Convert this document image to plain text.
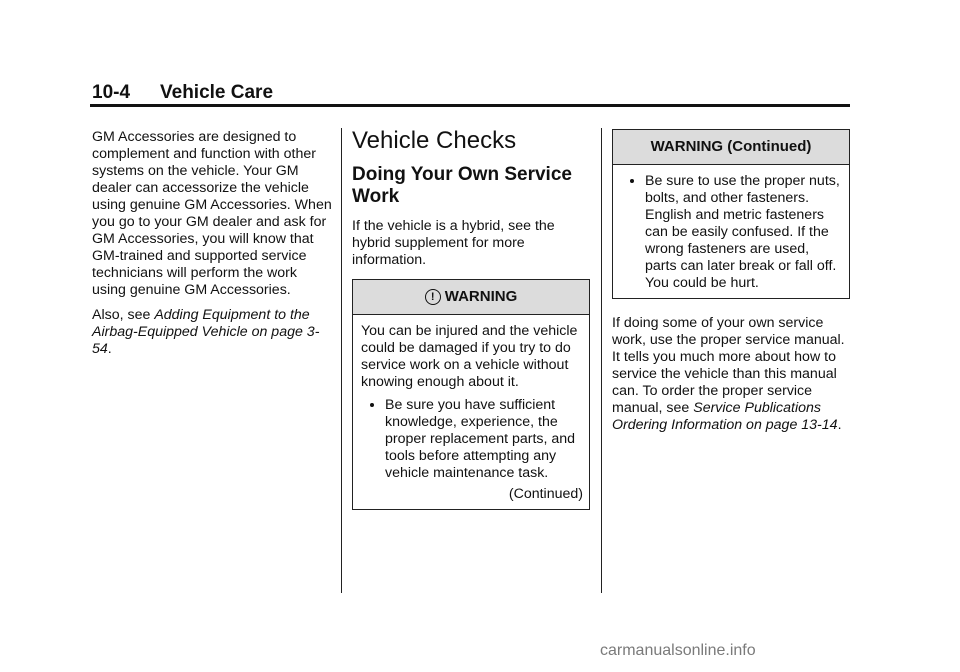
10-4 Vehicle Care

GM Accessories are designed to complement and function with other systems on the vehicle. Your GM dealer can accessorize the vehicle using genuine GM Accessories. When you go to your GM dealer and ask for GM Accessories, you will know that GM-trained and supported service technicians will perform the work using genuine GM Accessories.

Also, see Adding Equipment to the Airbag-Equipped Vehicle on page 3-54.

Vehicle Checks
Doing Your Own Service Work

If the vehicle is a hybrid, see the hybrid supplement for more information.

! WARNING
You can be injured and the vehicle could be damaged if you try to do service work on a vehicle without knowing enough about it.
• Be sure you have sufficient knowledge, experience, the proper replacement parts, and tools before attempting any vehicle maintenance task.
(Continued)
WARNING (Continued)
• Be sure to use the proper nuts, bolts, and other fasteners. English and metric fasteners can be easily confused. If the wrong fasteners are used, parts can later break or fall off. You could be hurt.

If doing some of your own service work, use the proper service manual. It tells you much more about how to service the vehicle than this manual can. To order the proper service manual, see Service Publications Ordering Information on page 13-14.

carmanualsonline.info
